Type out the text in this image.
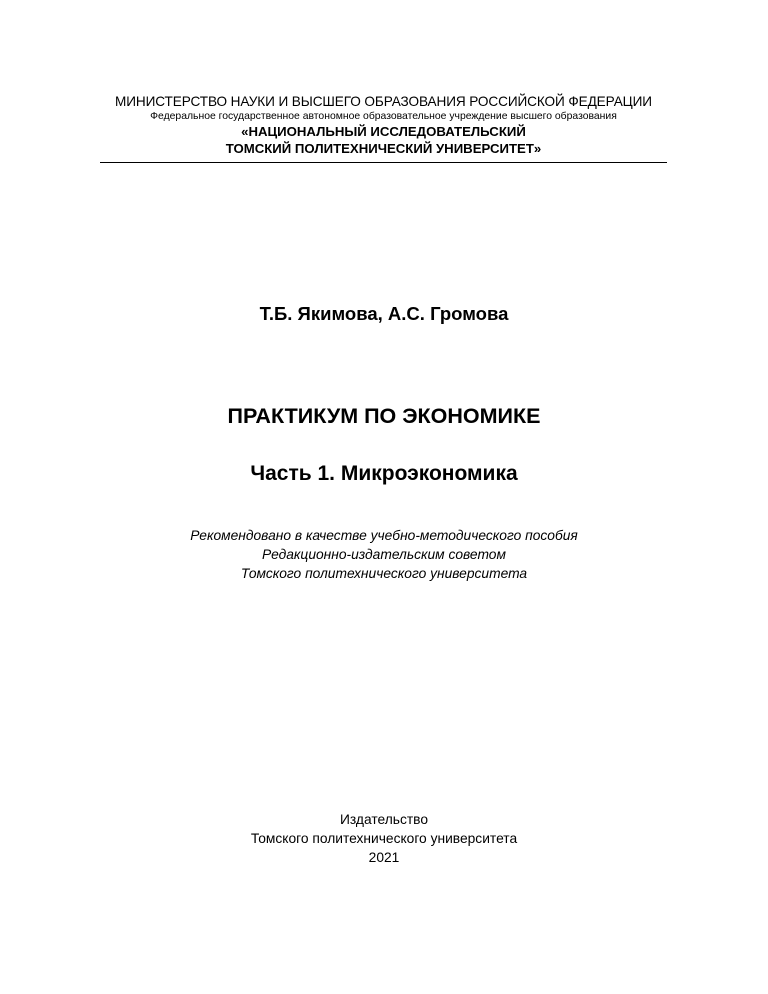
МИНИСТЕРСТВО НАУКИ И ВЫСШЕГО ОБРАЗОВАНИЯ РОССИЙСКОЙ ФЕДЕРАЦИИ
Федеральное государственное автономное образовательное учреждение высшего образования
«НАЦИОНАЛЬНЫЙ ИССЛЕДОВАТЕЛЬСКИЙ
ТОМСКИЙ ПОЛИТЕХНИЧЕСКИЙ УНИВЕРСИТЕТ»
Т.Б. Якимова, А.С. Громова
ПРАКТИКУМ ПО ЭКОНОМИКЕ
Часть 1. Микроэкономика
Рекомендовано в качестве учебно-методического пособия
Редакционно-издательским советом
Томского политехнического университета
Издательство
Томского политехнического университета
2021
